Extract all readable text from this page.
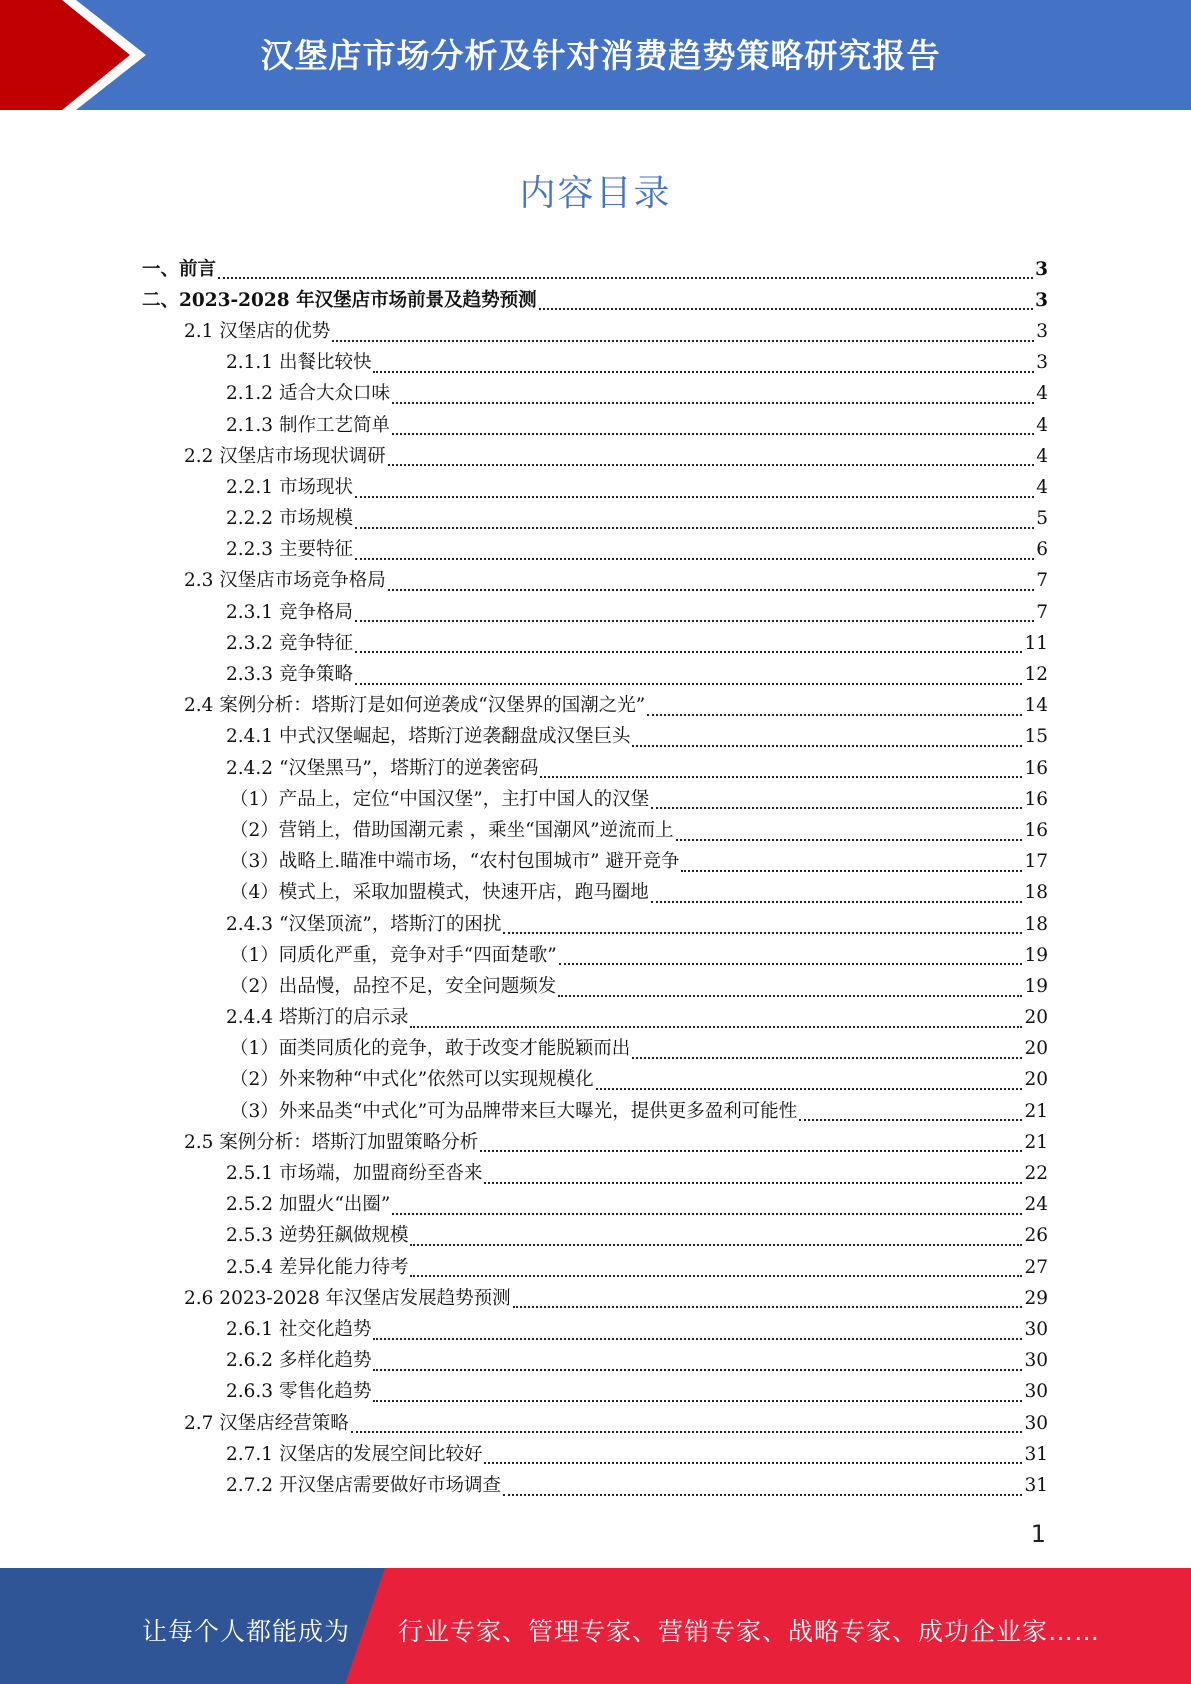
汉堡店市场分析及针对消费趋势策略研究报告
内容目录
一、前言	3
二、2023-2028 年汉堡店市场前景及趋势预测	3
2.1 汉堡店的优势	3
2.1.1 出餐比较快	3
2.1.2 适合大众口味	4
2.1.3 制作工艺简单	4
2.2 汉堡店市场现状调研	4
2.2.1 市场现状	4
2.2.2 市场规模	5
2.2.3 主要特征	6
2.3 汉堡店市场竞争格局	7
2.3.1 竞争格局	7
2.3.2 竞争特征	11
2.3.3 竞争策略	12
2.4 案例分析：塔斯汀是如何逆袭成“汉堡界的国潮之光”	14
2.4.1 中式汉堡崛起，塔斯汀逆袭翻盘成汉堡巨头	15
2.4.2 “汉堡黑马”，塔斯汀的逆袭密码	16
（1）产品上，定位“中国汉堡”，主打中国人的汉堡	16
（2）营销上，借助国潮元素 ，乘坐“国潮风”逆流而上	16
（3）战略上.瞄准中端市场，“农村包围城市” 避开竞争	17
（4）模式上，采取加盟模式，快速开店，跑马圈地	18
2.4.3 “汉堡顶流”，塔斯汀的困扰	18
（1）同质化严重，竞争对手“四面楚歌”	19
（2）出品慢，品控不足，安全问题频发	19
2.4.4 塔斯汀的启示录	20
（1）面类同质化的竞争，敢于改变才能脱颖而出	20
（2）外来物种“中式化”依然可以实现规模化	20
（3）外来品类“中式化”可为品牌带来巨大曝光，提供更多盈利可能性	21
2.5 案例分析：塔斯汀加盟策略分析	21
2.5.1 市场端，加盟商纷至沓来	22
2.5.2 加盟火“出圈”	24
2.5.3 逆势狂飙做规模	26
2.5.4 差异化能力待考	27
2.6 2023-2028 年汉堡店发展趋势预测	29
2.6.1 社交化趋势	30
2.6.2 多样化趋势	30
2.6.3 零售化趋势	30
2.7 汉堡店经营策略	30
2.7.1 汉堡店的发展空间比较好	31
2.7.2 开汉堡店需要做好市场调查	31
1
让每个人都能成为 行业专家、管理专家、营销专家、战略专家、成功企业家……
